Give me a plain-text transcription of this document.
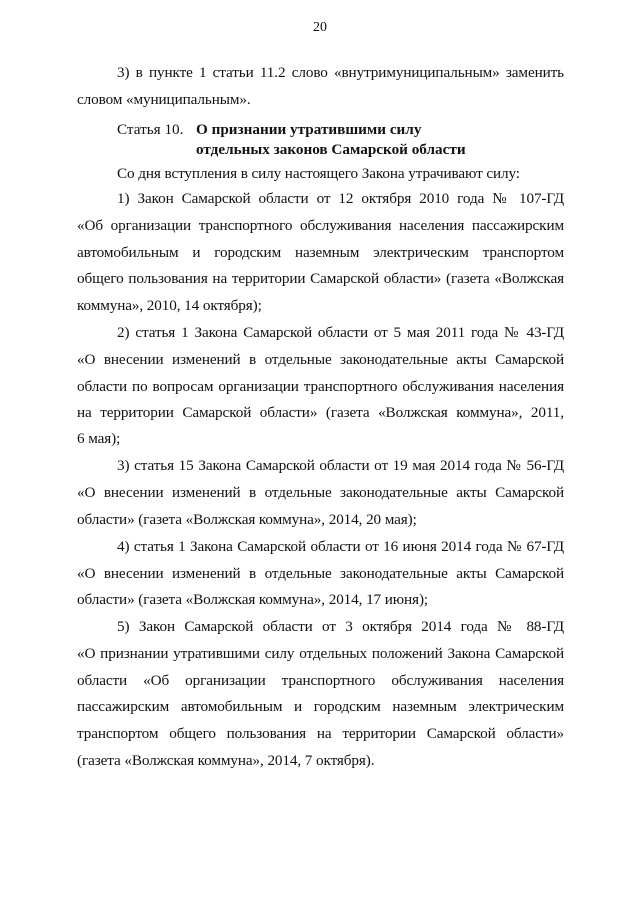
20
3) в пункте 1 статьи 11.2 слово «внутримуниципальным» заменить
словом «муниципальным».
Статья 10. О признании утратившими силу
отдельных законов Самарской области
Со дня вступления в силу настоящего Закона утрачивают силу:
1) Закон Самарской области от 12 октября 2010 года № 107-ГД
«Об организации транспортного обслуживания населения пассажирским
автомобильным и городским наземным электрическим транспортом
общего пользования на территории Самарской области» (газета «Волжская
коммуна», 2010, 14 октября);
2) статья 1 Закона Самарской области от 5 мая 2011 года № 43-ГД
«О внесении изменений в отдельные законодательные акты Самарской
области по вопросам организации транспортного обслуживания населения
на территории Самарской области» (газета «Волжская коммуна», 2011,
6 мая);
3) статья 15 Закона Самарской области от 19 мая 2014 года № 56-ГД
«О внесении изменений в отдельные законодательные акты Самарской
области» (газета «Волжская коммуна», 2014, 20 мая);
4) статья 1 Закона Самарской области от 16 июня 2014 года № 67-ГД
«О внесении изменений в отдельные законодательные акты Самарской
области» (газета «Волжская коммуна», 2014, 17 июня);
5) Закон Самарской области от 3 октября 2014 года № 88-ГД
«О признании утратившими силу отдельных положений Закона Самарской
области «Об организации транспортного обслуживания населения
пассажирским автомобильным и городским наземным электрическим
транспортом общего пользования на территории Самарской области»
(газета «Волжская коммуна», 2014, 7 октября).
